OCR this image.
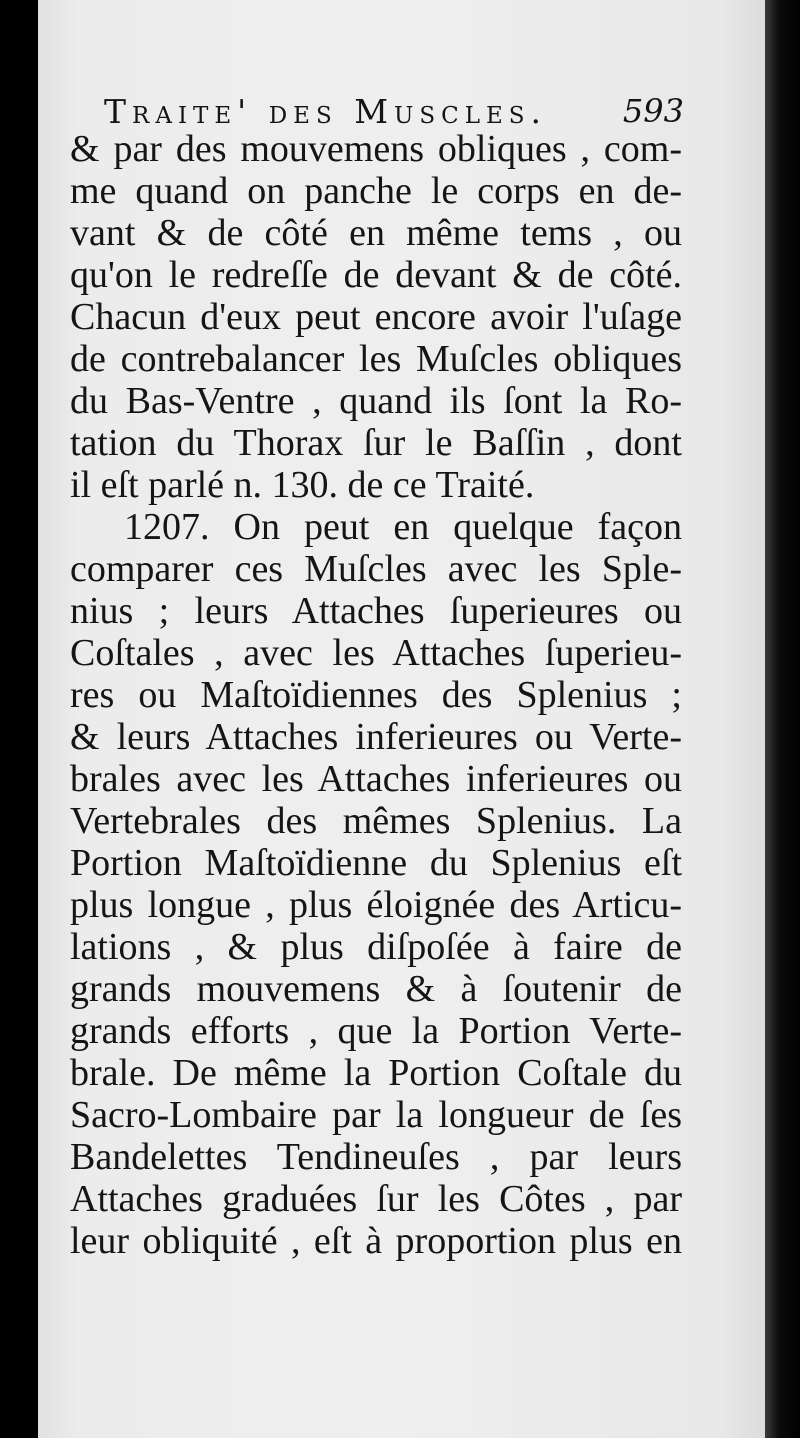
Traite' des Muscles. 593
& par des mouvemens obliques , com-
me quand on panche le corps en de-
vant & de côté en même tems , ou
qu'on le redreſſe de devant & de côté.
Chacun d'eux peut encore avoir l'uſage
de contrebalancer les Muſcles obliques
du Bas-Ventre , quand ils ſont la Ro-
tation du Thorax ſur le Baſſin , dont
il eſt parlé n. 130. de ce Traité.
1207. On peut en quelque façon
comparer ces Muſcles avec les Sple-
nius ; leurs Attaches ſuperieures ou
Coſtales , avec les Attaches ſuperieu-
res ou Maſtoïdiennes des Splenius ;
& leurs Attaches inferieures ou Verte-
brales avec les Attaches inferieures ou
Vertebrales des mêmes Splenius. La
Portion Maſtoïdienne du Splenius eſt
plus longue , plus éloignée des Articu-
lations , & plus diſpoſée à faire de
grands mouvemens & à ſoutenir de
grands efforts , que la Portion Verte-
brale. De même la Portion Coſtale du
Sacro-Lombaire par la longueur de ſes
Bandelettes Tendineuſes , par leurs
Attaches graduées ſur les Côtes , par
leur obliquité , eſt à proportion plus en
